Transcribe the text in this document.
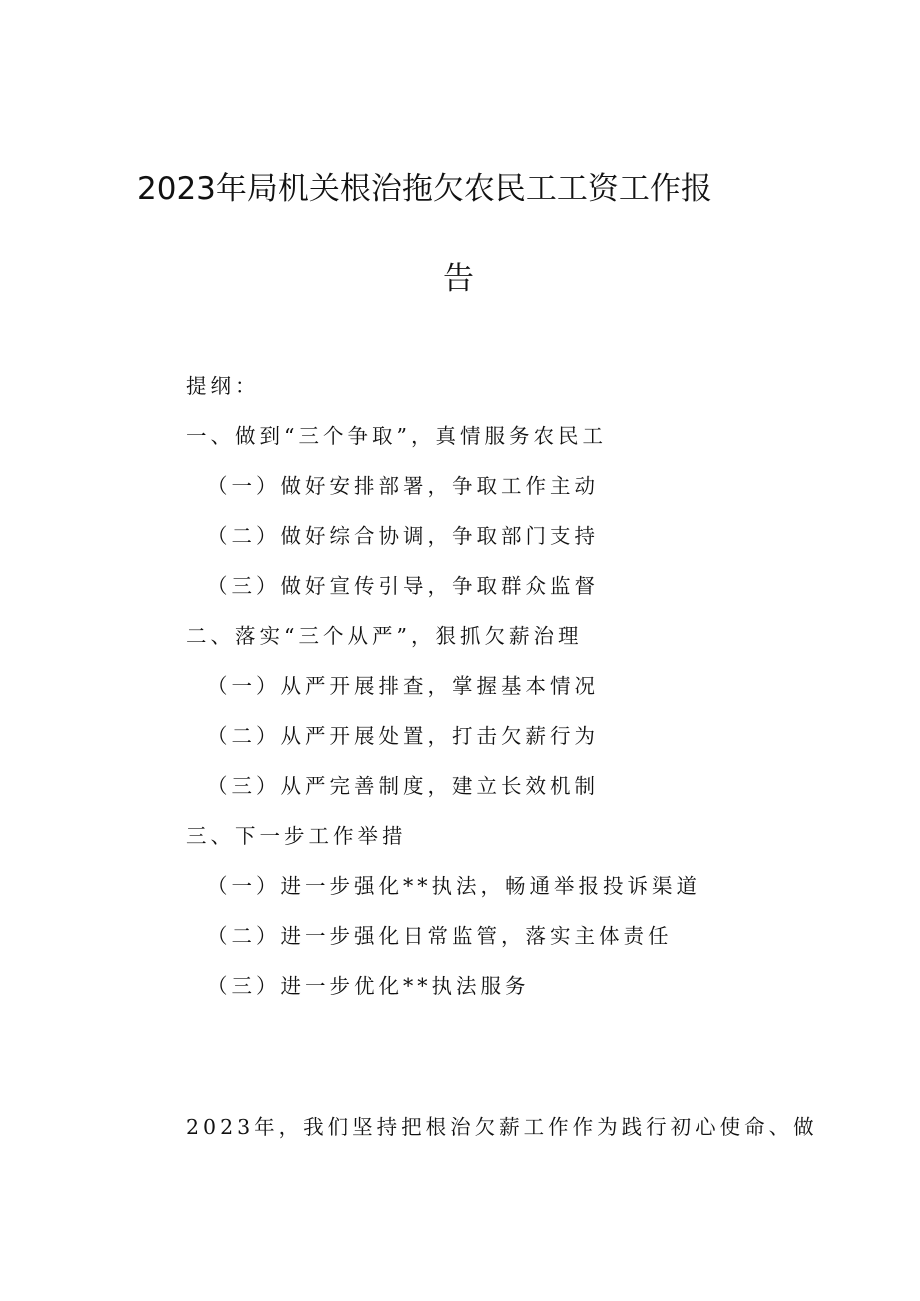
2023年局机关根治拖欠农民工工资工作报
告
提纲：
一、做到“三个争取”，真情服务农民工
（一）做好安排部署，争取工作主动
（二）做好综合协调，争取部门支持
（三）做好宣传引导，争取群众监督
二、落实“三个从严”，狠抓欠薪治理
（一）从严开展排查，掌握基本情况
（二）从严开展处置，打击欠薪行为
（三）从严完善制度，建立长效机制
三、下一步工作举措
（一）进一步强化**执法，畅通举报投诉渠道
（二）进一步强化日常监管，落实主体责任
（三）进一步优化**执法服务
2023年，我们坚持把根治欠薪工作作为践行初心使命、做
